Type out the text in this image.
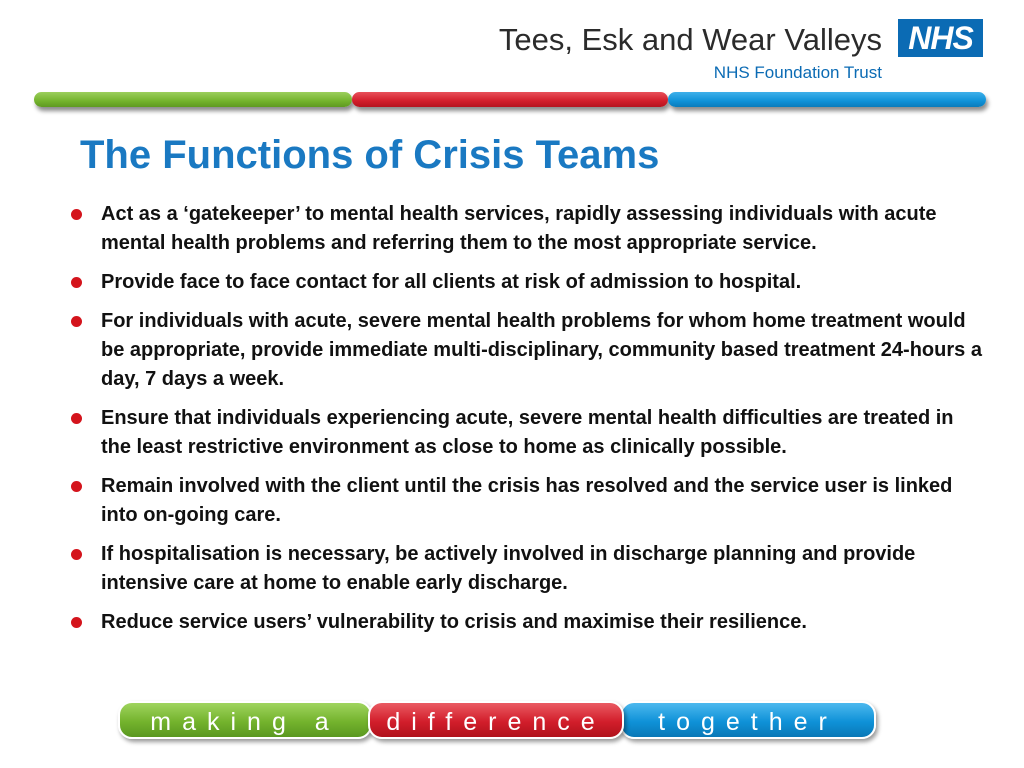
Tees, Esk and Wear Valleys
NHS Foundation Trust
NHS
The Functions of Crisis Teams
Act as a ‘gatekeeper’ to mental health services, rapidly assessing individuals with acute mental health problems and referring them to the most appropriate service.
Provide face to face contact for all clients at risk of admission to hospital.
For individuals with acute, severe mental health problems for whom home treatment would be appropriate, provide immediate multi-disciplinary, community based treatment 24-hours a day, 7 days a week.
Ensure that individuals experiencing acute, severe mental health difficulties are treated in the least restrictive environment as close to home as clinically possible.
Remain involved with the client until the crisis has resolved and the service user is linked into on-going care.
If hospitalisation is necessary, be actively involved in discharge planning and provide intensive care at home to enable early discharge.
Reduce service users’ vulnerability to crisis and maximise their resilience.
making a	difference	together
